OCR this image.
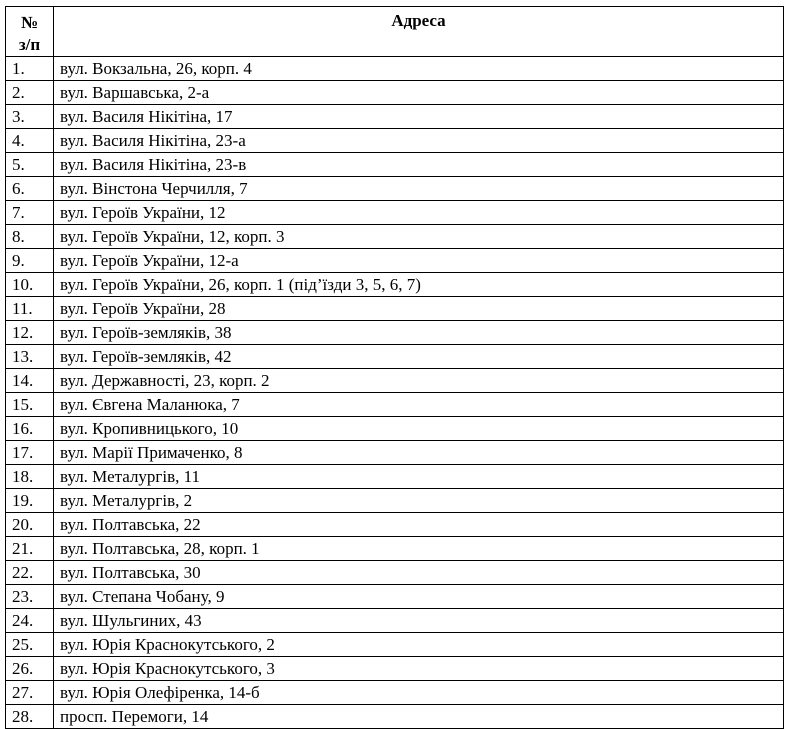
№
з/п	Адреса
1.	вул. Вокзальна, 26, корп. 4
2.	вул. Варшавська, 2-а
3.	вул. Василя Нікітіна, 17
4.	вул. Василя Нікітіна, 23-а
5.	вул. Василя Нікітіна, 23-в
6.	вул. Вінстона Черчилля, 7
7.	вул. Героїв України, 12
8.	вул. Героїв України, 12, корп. 3
9.	вул. Героїв України, 12-а
10.	вул. Героїв України, 26, корп. 1 (під’їзди 3, 5, 6, 7)
11.	вул. Героїв України, 28
12.	вул. Героїв-земляків, 38
13.	вул. Героїв-земляків, 42
14.	вул. Державності, 23, корп. 2
15.	вул. Євгена Маланюка, 7
16.	вул. Кропивницького, 10
17.	вул. Марії Примаченко, 8
18.	вул. Металургів, 11
19.	вул. Металургів, 2
20.	вул. Полтавська, 22
21.	вул. Полтавська, 28, корп. 1
22.	вул. Полтавська, 30
23.	вул. Степана Чобану, 9
24.	вул. Шульгиних, 43
25.	вул. Юрія Краснокутського, 2
26.	вул. Юрія Краснокутського, 3
27.	вул. Юрія Олефіренка, 14-б
28.	просп. Перемоги, 14
